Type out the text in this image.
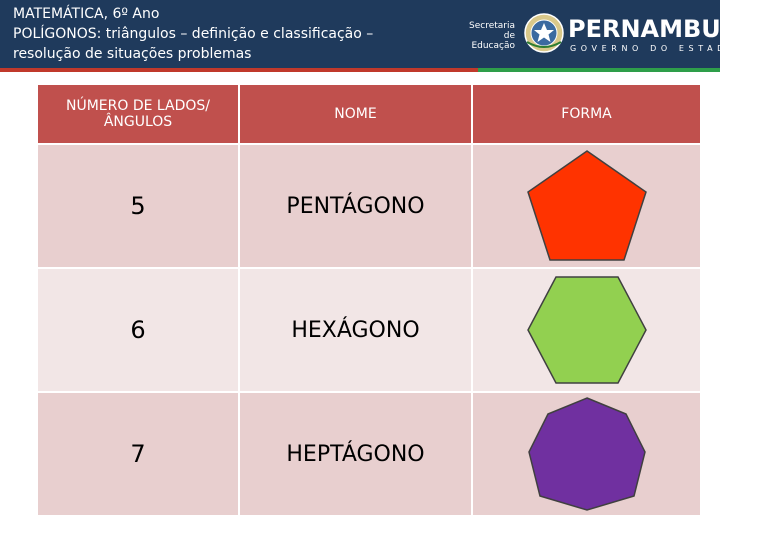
MATEMÁTICA, 6º Ano
POLÍGONOS: triângulos – definição e classificação –
resolução de situações problemas
Secretaria de
Educação
PERNAMBUCO
GOVERNO DO ESTADO
NÚMERO DE LADOS/ÂNGULOS	NOME	FORMA
5	PENTÁGONO	

6	HEXÁGONO	

7	HEPTÁGONO	
